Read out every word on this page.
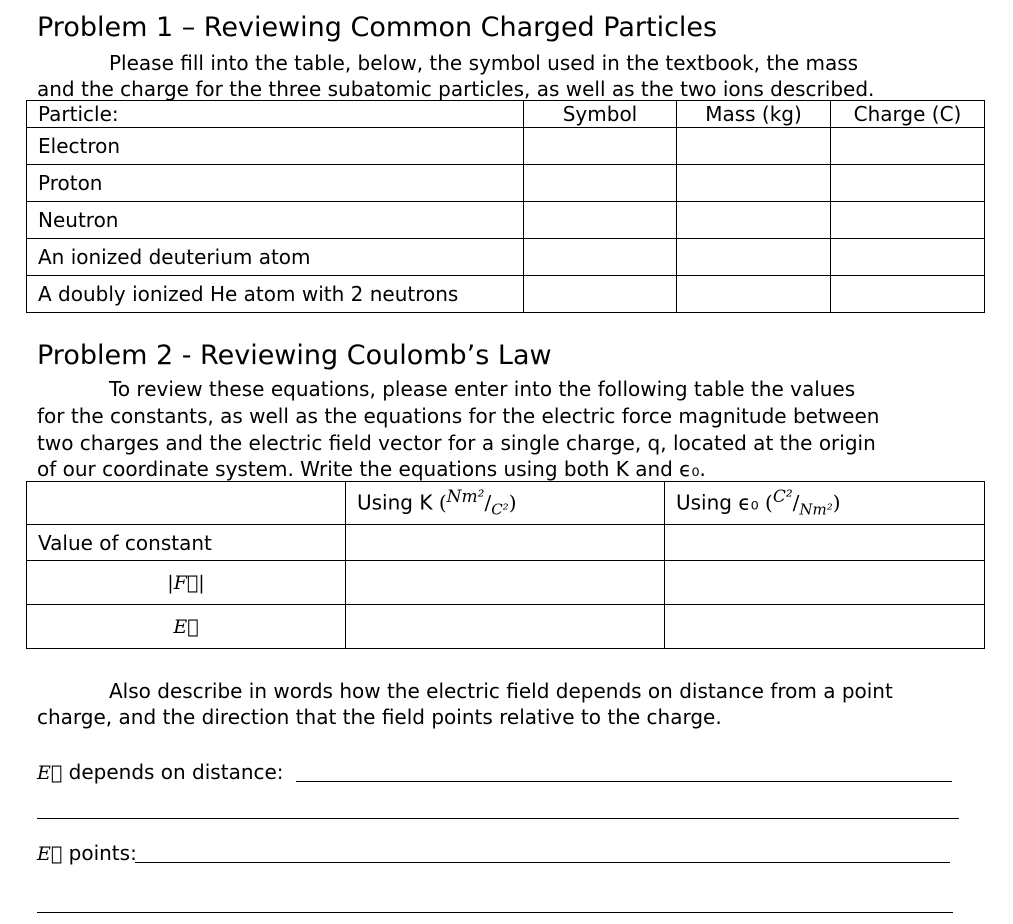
Problem 1 – Reviewing Common Charged Particles
Please fill into the table, below, the symbol used in the textbook, the mass
and the charge for the three subatomic particles, as well as the two ions described.
Particle:	Symbol	Mass (kg)	Charge (C)
Electron			
Proton			
Neutron			
An ionized deuterium atom			
A doubly ionized He atom with 2 neutrons			
Problem 2 - Reviewing Coulomb’s Law
To review these equations, please enter into the following table the values
for the constants, as well as the equations for the electric force magnitude between
two charges and the electric field vector for a single charge, q, located at the origin
of our coordinate system. Write the equations using both K and ϵ₀.
	Using K $(^{Nm^2}/_{C^2})$	Using ϵ₀ $(^{C^2}/_{Nm^2})$
Value of constant		
|F⃗|		
E⃗		
Also describe in words how the electric field depends on distance from a point
charge, and the direction that the field points relative to the charge.
E⃗ depends on distance:
E⃗ points:
